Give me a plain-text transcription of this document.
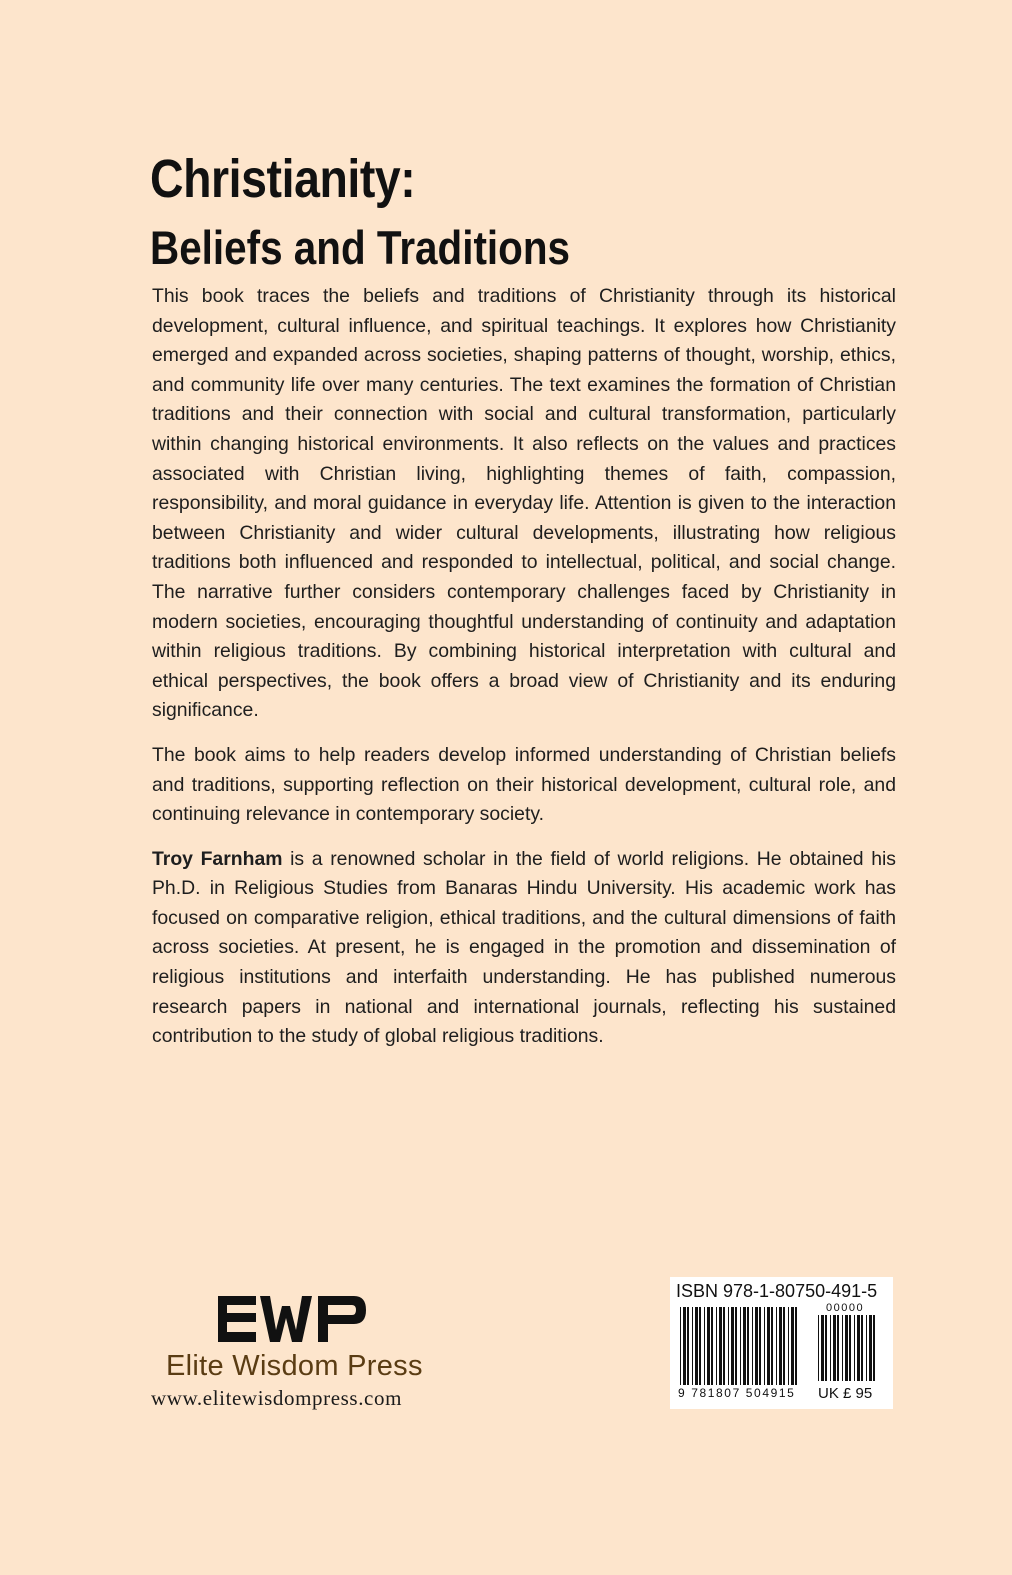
Christianity:
Beliefs and Traditions

This book traces the beliefs and traditions of Christianity through its historical development, cultural influence, and spiritual teachings. It explores how Christianity emerged and expanded across societies, shaping patterns of thought, worship, ethics, and community life over many centuries. The text examines the formation of Christian traditions and their connection with social and cultural transformation, particularly within changing historical environments. It also reflects on the values and practices associated with Christian living, highlighting themes of faith, compassion, responsibility, and moral guidance in everyday life. Attention is given to the interaction between Christianity and wider cultural developments, illustrating how religious traditions both influenced and responded to intellectual, political, and social change. The narrative further considers contemporary challenges faced by Christianity in modern societies, encouraging thoughtful understanding of continuity and adaptation within religious traditions. By combining historical interpretation with cultural and ethical perspectives, the book offers a broad view of Christianity and its enduring significance.

The book aims to help readers develop informed understanding of Christian beliefs and traditions, supporting reflection on their historical development, cultural role, and continuing relevance in contemporary society.

Troy Farnham is a renowned scholar in the field of world religions. He obtained his Ph.D. in Religious Studies from Banaras Hindu University. His academic work has focused on comparative religion, ethical traditions, and the cultural dimensions of faith across societies. At present, he is engaged in the promotion and dissemination of religious institutions and interfaith understanding. He has published numerous research papers in national and international journals, reflecting his sustained contribution to the study of global religious traditions.

Elite Wisdom Press
www.elitewisdompress.com
ISBN 978-1-80750-491-5
00000
9 781807 504915 UK £ 95
